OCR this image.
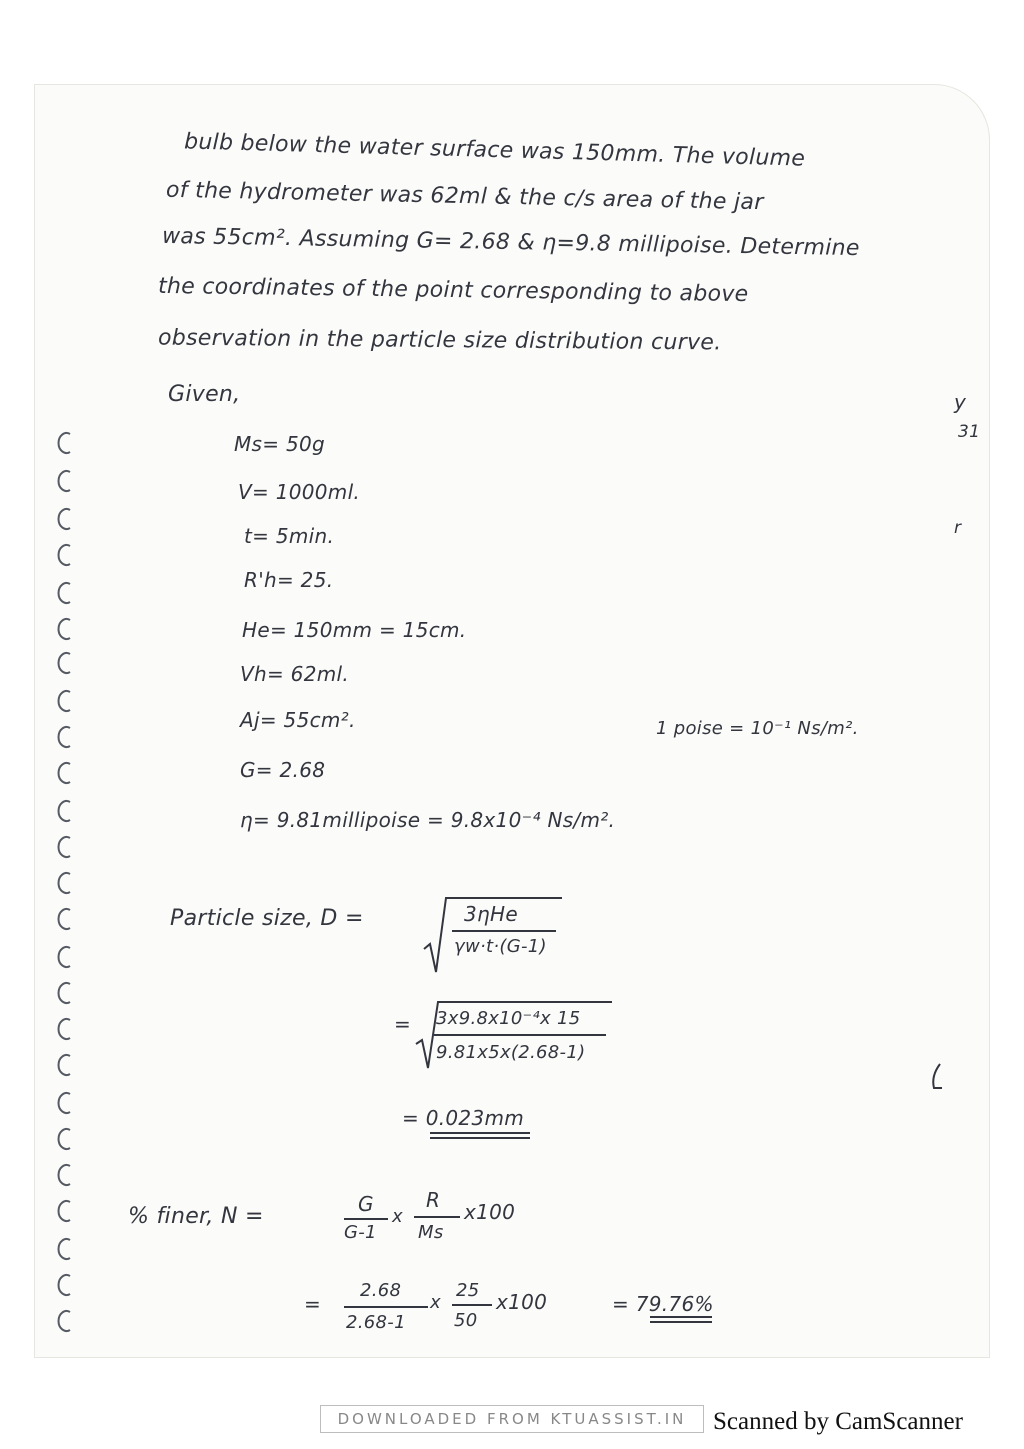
bulb below the water surface was 150mm. The volume
of the hydrometer was 62ml & the c/s area of the jar
was 55cm². Assuming G= 2.68 & η=9.8 millipoise. Determine
the coordinates of the point corresponding to above
observation in the particle size distribution curve.
Given,
Ms= 50g
V= 1000ml.
t= 5min.
R'h= 25.
He= 150mm = 15cm.
Vh= 62ml.
Aj= 55cm².
G= 2.68
η= 9.81millipoise = 9.8x10⁻⁴ Ns/m².
1 poise = 10⁻¹ Ns/m².
Particle size, D =	3ηHe
γw·t·(G-1)
= 3x9.8x10⁻⁴x 15
9.81x5x(2.68-1)
= 0.023mm
% finer, N =	G
G-1
x
R
Ms
x100
=
2.68
2.68-1
x
25
50
x100	= 79.76%
y
31
r
DOWNLOADED FROM KTUASSIST.IN	Scanned by CamScanner
